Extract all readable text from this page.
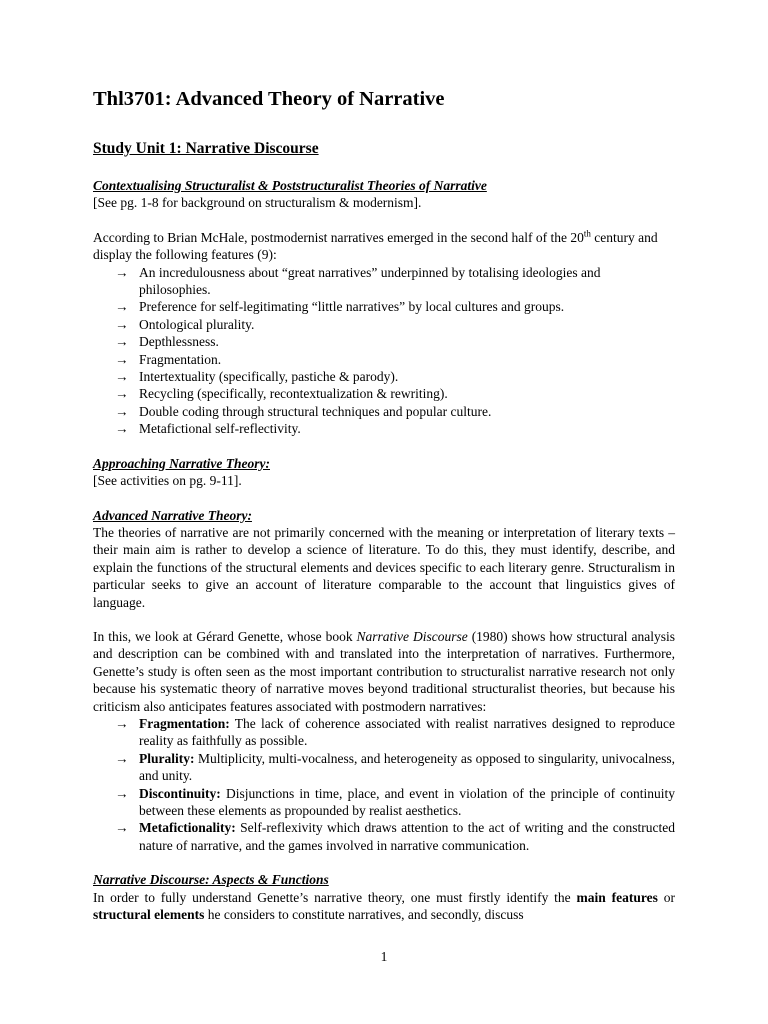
Thl3701: Advanced Theory of Narrative
Study Unit 1: Narrative Discourse

Contextualising Structuralist & Poststructuralist Theories of Narrative

[See pg. 1-8 for background on structuralism & modernism].

According to Brian McHale, postmodernist narratives emerged in the second half of the 20th century and display the following features (9):

→ An incredulousness about “great narratives” underpinned by totalising ideologies and philosophies.
→ Preference for self-legitimating “little narratives” by local cultures and groups.
→ Ontological plurality.
→ Depthlessness.
→ Fragmentation.
→ Intertextuality (specifically, pastiche & parody).
→ Recycling (specifically, recontextualization & rewriting).
→ Double coding through structural techniques and popular culture.
→ Metafictional self-reflectivity.

Approaching Narrative Theory:

[See activities on pg. 9-11].

Advanced Narrative Theory:

The theories of narrative are not primarily concerned with the meaning or interpretation of literary texts – their main aim is rather to develop a science of literature. To do this, they must identify, describe, and explain the functions of the structural elements and devices specific to each literary genre. Structuralism in particular seeks to give an account of literature comparable to the account that linguistics gives of language.

In this, we look at Gérard Genette, whose book Narrative Discourse (1980) shows how structural analysis and description can be combined with and translated into the interpretation of narratives. Furthermore, Genette’s study is often seen as the most important contribution to structuralist narrative research not only because his systematic theory of narrative moves beyond traditional structuralist theories, but because his criticism also anticipates features associated with postmodern narratives:

→ Fragmentation: The lack of coherence associated with realist narratives designed to reproduce reality as faithfully as possible.
→ Plurality: Multiplicity, multi-vocalness, and heterogeneity as opposed to singularity, univocalness, and unity.
→ Discontinuity: Disjunctions in time, place, and event in violation of the principle of continuity between these elements as propounded by realist aesthetics.
→ Metafictionality: Self-reflexivity which draws attention to the act of writing and the constructed nature of narrative, and the games involved in narrative communication.

Narrative Discourse: Aspects & Functions

In order to fully understand Genette’s narrative theory, one must firstly identify the main features or structural elements he considers to constitute narratives, and secondly, discuss

1
